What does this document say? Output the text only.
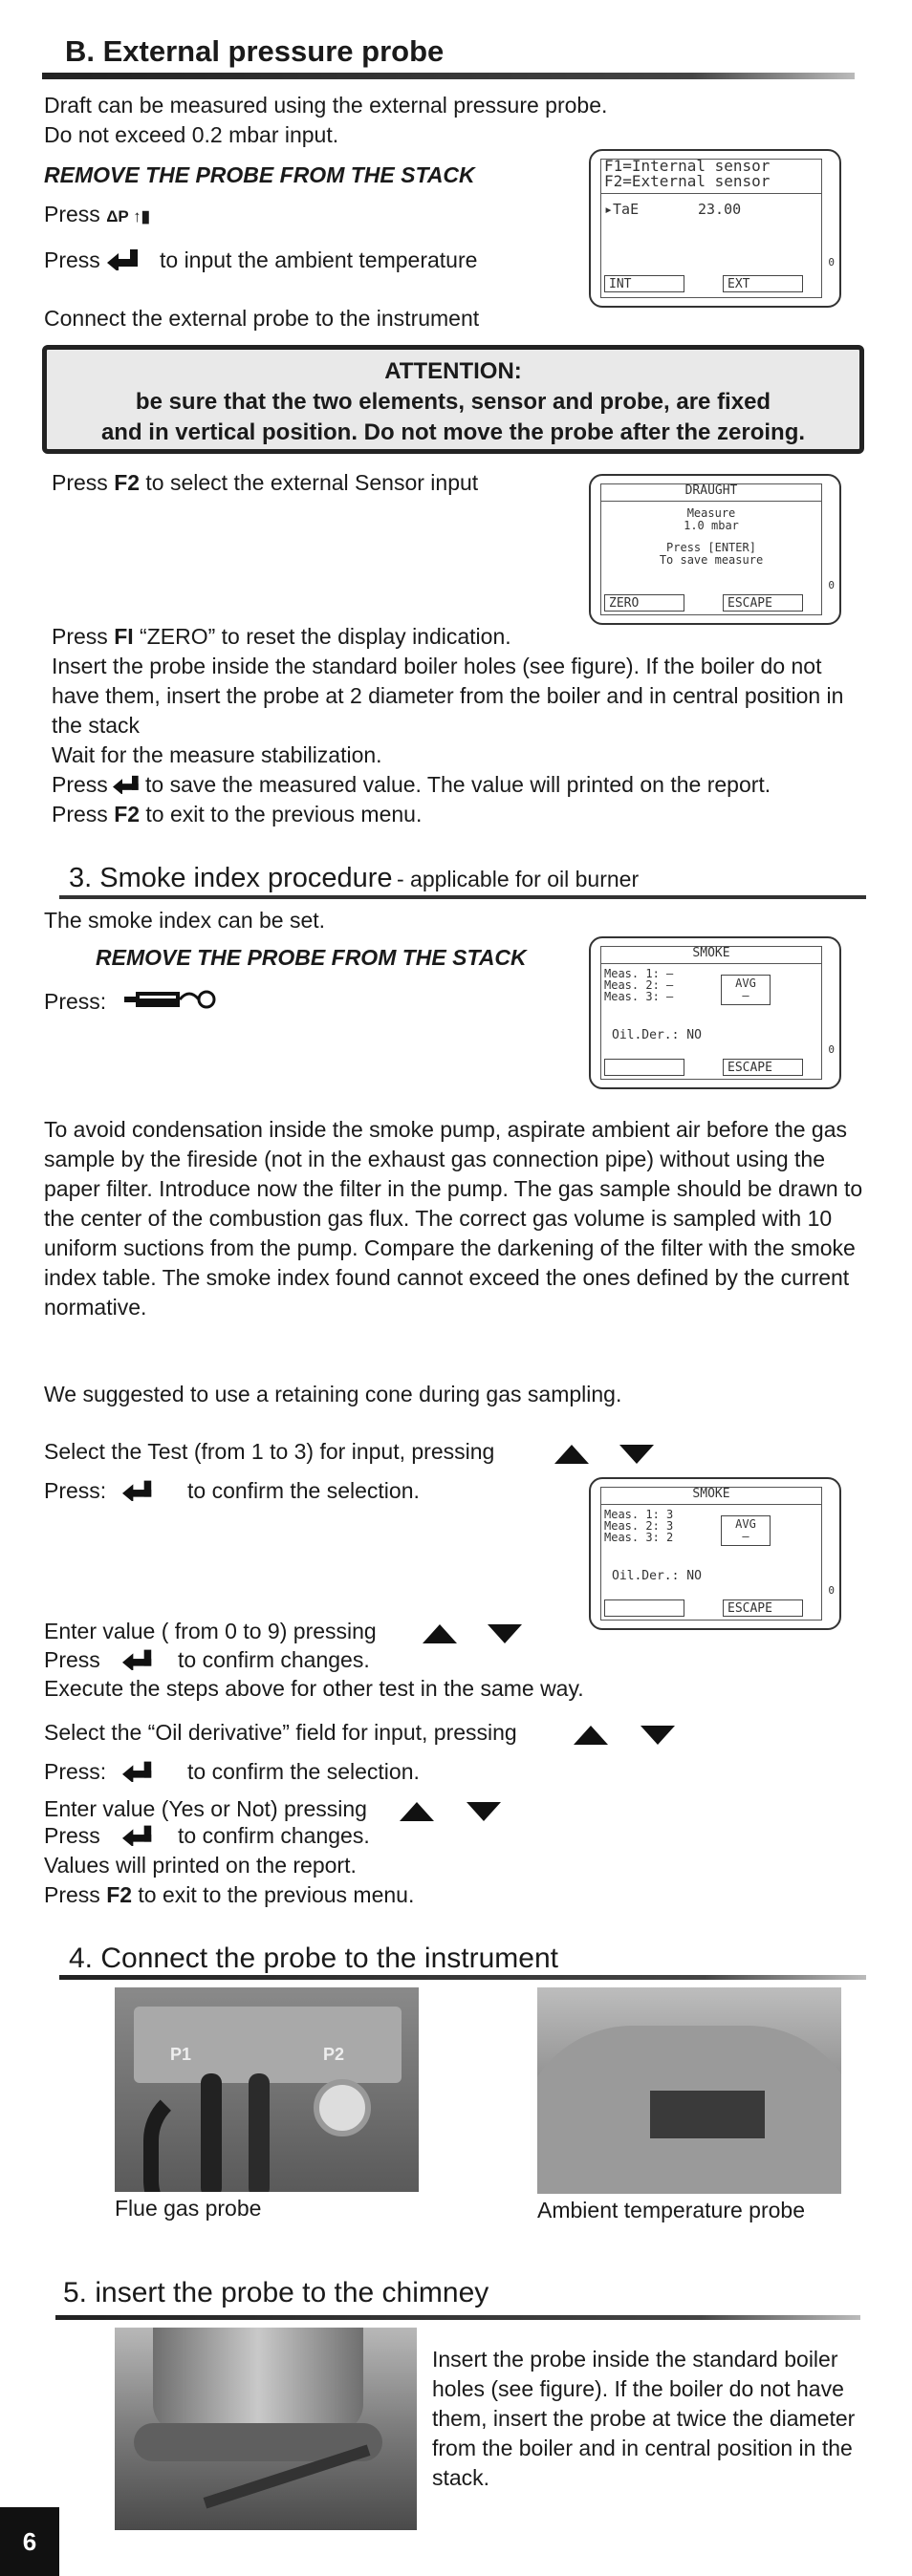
B. External pressure probe
Draft can be measured using the external pressure probe.
Do not exceed 0.2 mbar input.
REMOVE THE PROBE FROM THE STACK
Press ΔP ↑▮
Press	to input the ambient temperature
Connect the external probe to the instrument
F1=Internal sensor
F2=External sensor
▸TaE	23.00
INT	EXT
0
ATTENTION:
be sure that the two elements, sensor and probe, are fixed
and in vertical position. Do not move the probe after the zeroing.
Press F2 to select the external Sensor input	DRAUGHT
Measure
1.0 mbar
Press [ENTER]
To save measure
ZERO	ESCAPE
0
Press FI “ZERO” to reset the display indication.
Insert the probe inside the standard boiler holes (see figure). If the boiler do not have them, insert the probe at 2 diameter from the boiler and in central position in the stack
Wait for the measure stabilization.
Press to save the measured value. The value will printed on the report.
Press F2 to exit to the previous menu.
3. Smoke index procedure - applicable for oil burner
The smoke index can be set.
REMOVE THE PROBE FROM THE STACK
Press:
SMOKE
Meas. 1: –
Meas. 2: –
Meas. 3: –
AVG
–
Oil.Der.: NO
ESCAPE
0
To avoid condensation inside the smoke pump, aspirate ambient air before the gas sample by the fireside (not in the exhaust gas connection pipe) without using the paper filter. Introduce now the filter in the pump. The gas sample should be drawn to the center of the combustion gas flux. The correct gas volume is sampled with 10 uniform suctions from the pump. Compare the darkening of the filter with the smoke index table. The smoke index found cannot exceed the ones defined by the current normative.
We suggested to use a retaining cone during gas sampling.
Select the Test (from 1 to 3) for input, pressing
Press:	to confirm the selection.	SMOKE
Meas. 1: 3
Meas. 2: 3
Meas. 3: 2
AVG
–
Oil.Der.: NO
ESCAPE
0
Enter value ( from 0 to 9) pressing
Press	to confirm changes.
Execute the steps above for other test in the same way.
Select the “Oil derivative” field for input, pressing
Press:	to confirm the selection.
Enter value (Yes or Not) pressing
Press	to confirm changes.
Values will printed on the report.
Press F2 to exit to the previous menu.
4. Connect the probe to the instrument
P1	P2
Flue gas probe	Ambient temperature probe
5. insert the probe to the chimney
Insert the probe inside the standard boiler holes (see figure). If the boiler do not have them, insert the probe at twice the diameter from the boiler and in central position in the stack.
6
